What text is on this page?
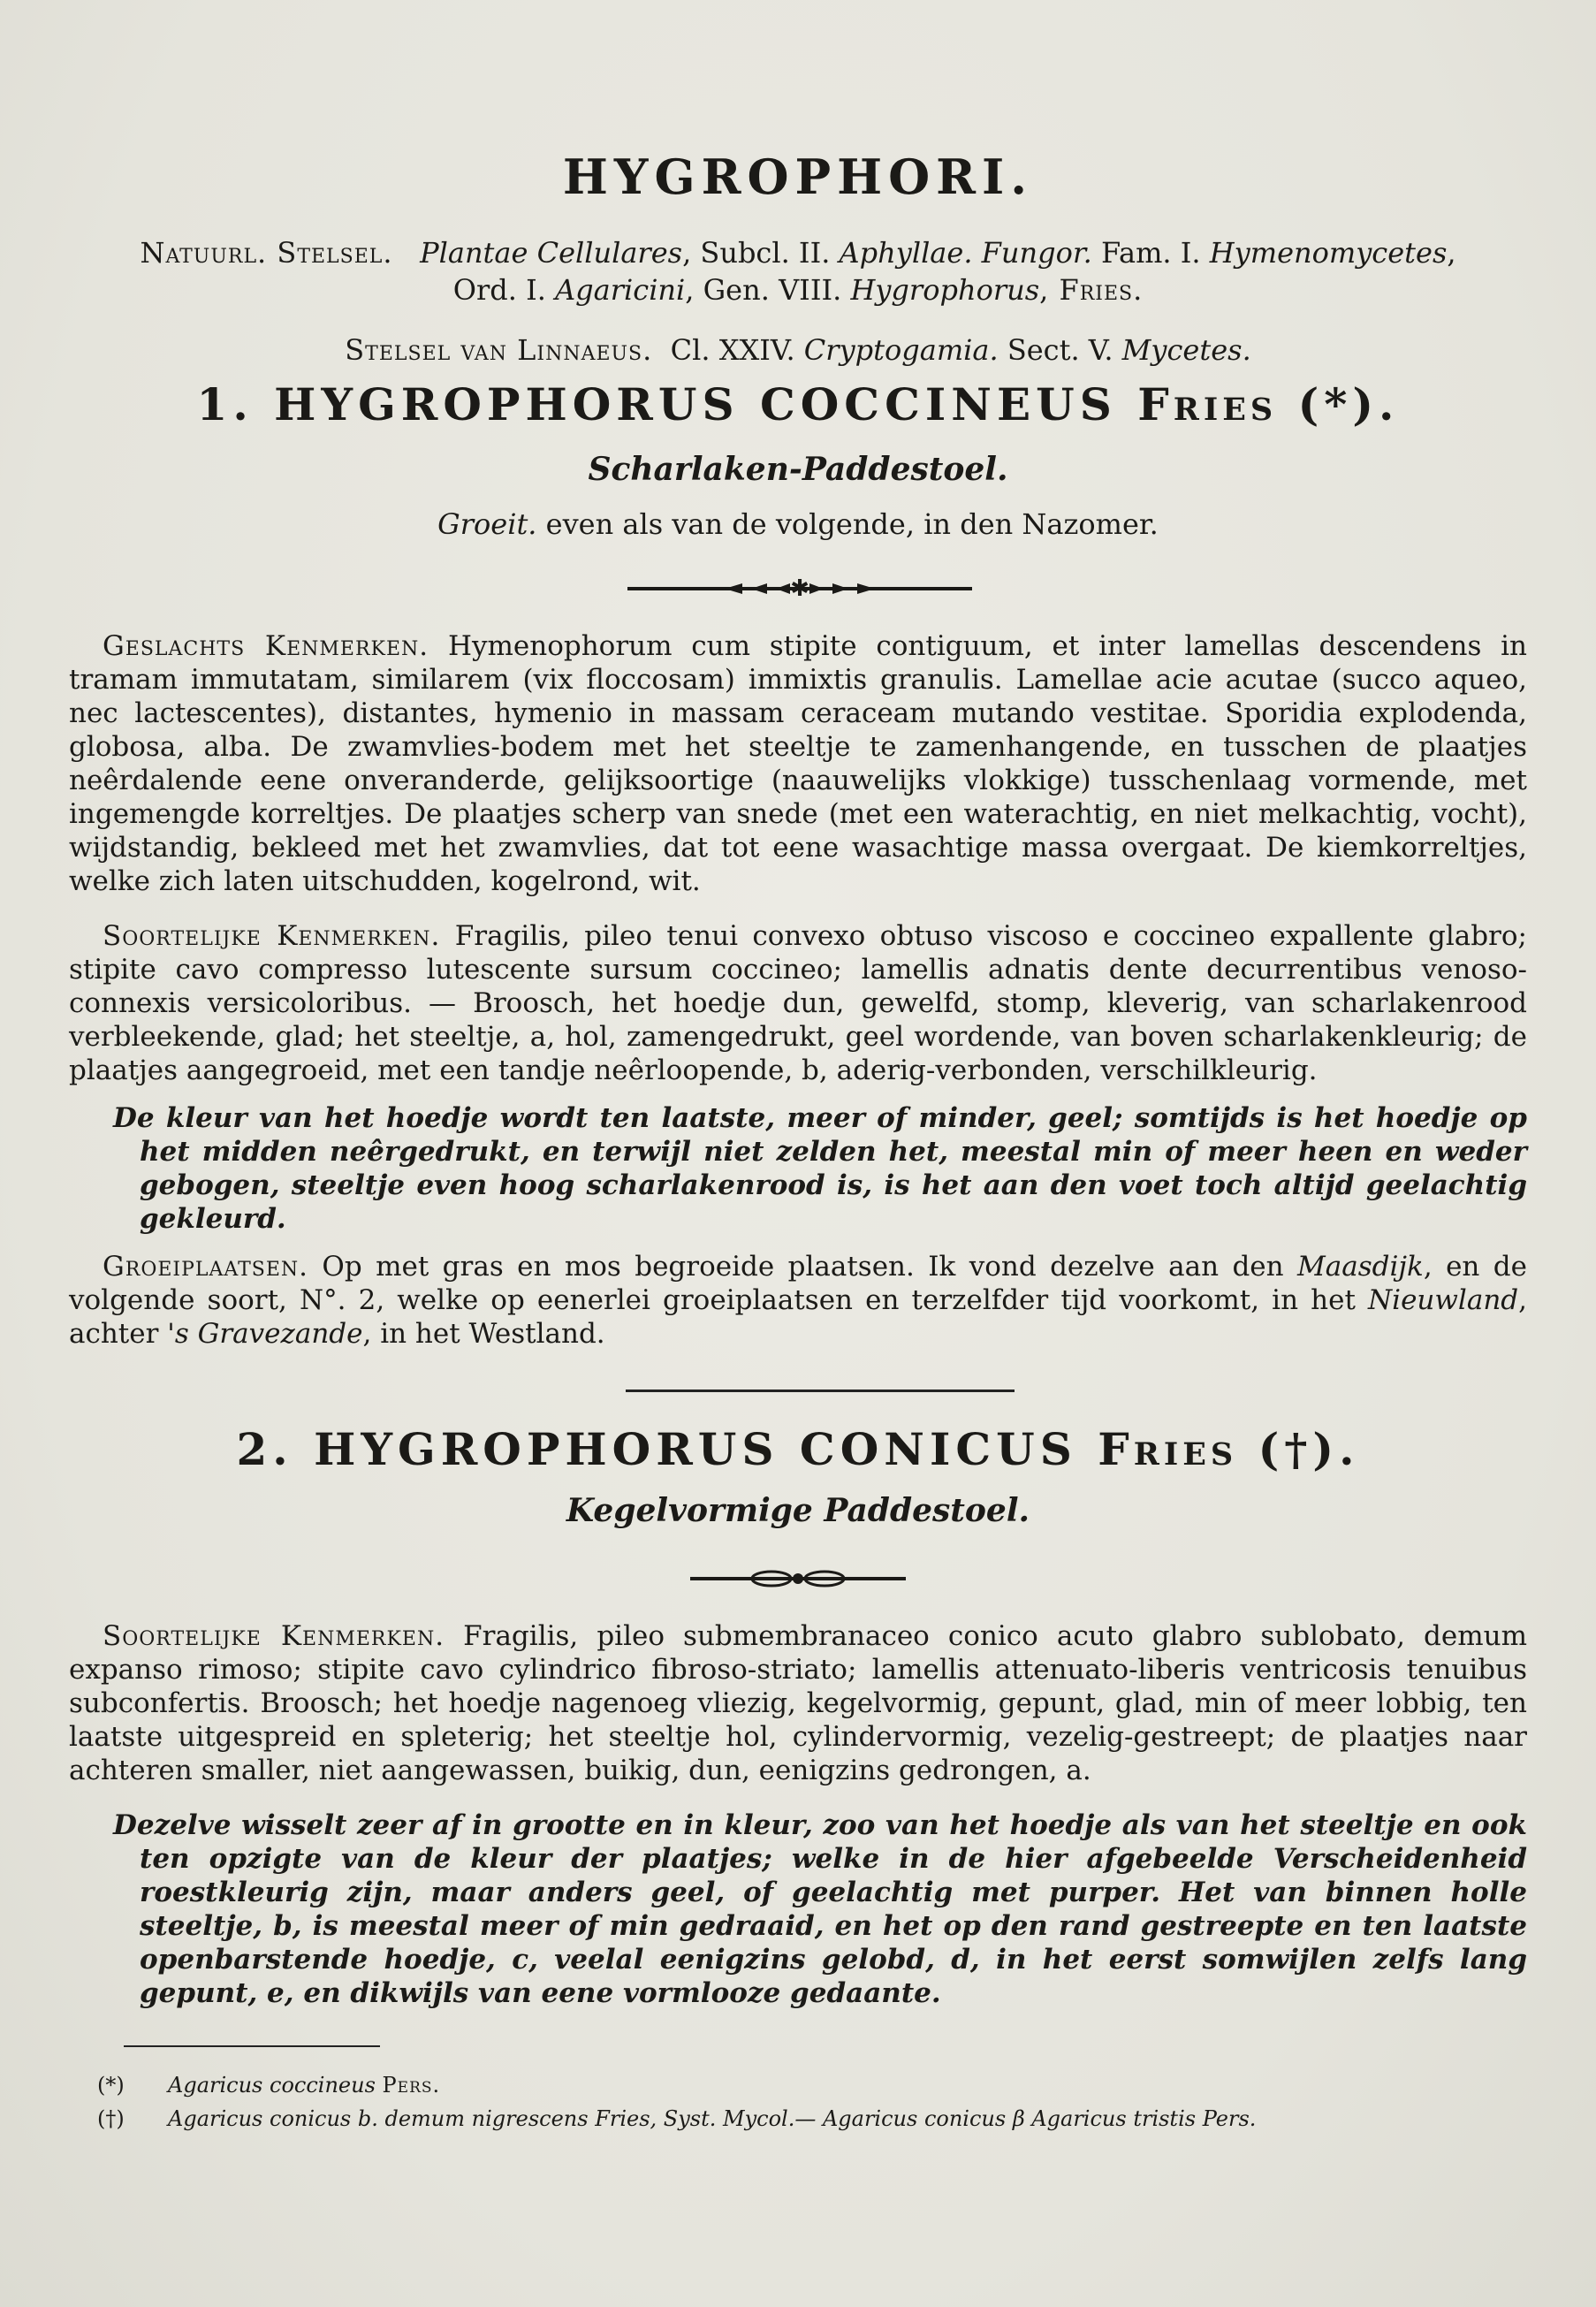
HYGROPHORI.
Natuurl. Stelsel. Plantae Cellulares, Subcl. II. Aphyllae. Fungor. Fam. I. Hymenomycetes,
Ord. I. Agaricini, Gen. VIII. Hygrophorus, Fries.
Stelsel van Linnaeus. Cl. XXIV. Cryptogamia. Sect. V. Mycetes.
1. HYGROPHORUS COCCINEUS Fries (*).
Scharlaken-Paddestoel.
Groeit. even als van de volgende, in den Nazomer.
✱
Geslachts Kenmerken. Hymenophorum cum stipite contiguum, et inter lamellas descendens in tramam immutatam, similarem (vix floccosam) immixtis granulis. Lamellae acie acutae (succo aqueo, nec lactescentes), distantes, hymenio in massam ceraceam mutando vestitae. Sporidia explodenda, globosa, alba. De zwamvlies-bodem met het steeltje te zamenhangende, en tusschen de plaatjes neêrdalende eene onveranderde, gelijksoortige (naauwelijks vlokkige) tusschenlaag vormende, met ingemengde korreltjes. De plaatjes scherp van snede (met een waterachtig, en niet melkachtig, vocht), wijdstandig, bekleed met het zwamvlies, dat tot eene wasachtige massa overgaat. De kiemkorreltjes, welke zich laten uitschudden, kogelrond, wit.
Soortelijke Kenmerken. Fragilis, pileo tenui convexo obtuso viscoso e coccineo expallente glabro; stipite cavo compresso lutescente sursum coccineo; lamellis adnatis dente decurrentibus venoso-connexis versicoloribus. — Broosch, het hoedje dun, gewelfd, stomp, kleverig, van scharlakenrood verbleekende, glad; het steeltje, a, hol, zamengedrukt, geel wordende, van boven scharlakenkleurig; de plaatjes aangegroeid, met een tandje neêrloopende, b, aderig-verbonden, verschilkleurig.
De kleur van het hoedje wordt ten laatste, meer of minder, geel; somtijds is het hoedje op het midden neêrgedrukt, en terwijl niet zelden het, meestal min of meer heen en weder gebogen, steeltje even hoog scharlakenrood is, is het aan den voet toch altijd geelachtig gekleurd.
Groeiplaatsen. Op met gras en mos begroeide plaatsen. Ik vond dezelve aan den Maasdijk, en de volgende soort, N°. 2, welke op eenerlei groeiplaatsen en terzelfder tijd voorkomt, in het Nieuwland, achter 's Gravezande, in het Westland.
2. HYGROPHORUS CONICUS Fries (†).
Kegelvormige Paddestoel.
Soortelijke Kenmerken. Fragilis, pileo submembranaceo conico acuto glabro sublobato, demum expanso rimoso; stipite cavo cylindrico fibroso-striato; lamellis attenuato-liberis ventricosis tenuibus subconfertis. Broosch; het hoedje nagenoeg vliezig, kegelvormig, gepunt, glad, min of meer lobbig, ten laatste uitgespreid en spleterig; het steeltje hol, cylindervormig, vezelig-gestreept; de plaatjes naar achteren smaller, niet aangewassen, buikig, dun, eenigzins gedrongen, a.
Dezelve wisselt zeer af in grootte en in kleur, zoo van het hoedje als van het steeltje en ook ten opzigte van de kleur der plaatjes; welke in de hier afgebeelde Verscheidenheid roestkleurig zijn, maar anders geel, of geelachtig met purper. Het van binnen holle steeltje, b, is meestal meer of min gedraaid, en het op den rand gestreepte en ten laatste openbarstende hoedje, c, veelal eenigzins gelobd, d, in het eerst somwijlen zelfs lang gepunt, e, en dikwijls van eene vormlooze gedaante.
(*) Agaricus coccineus Pers.
(†) Agaricus conicus b. demum nigrescens Fries, Syst. Mycol.— Agaricus conicus β Agaricus tristis Pers.
